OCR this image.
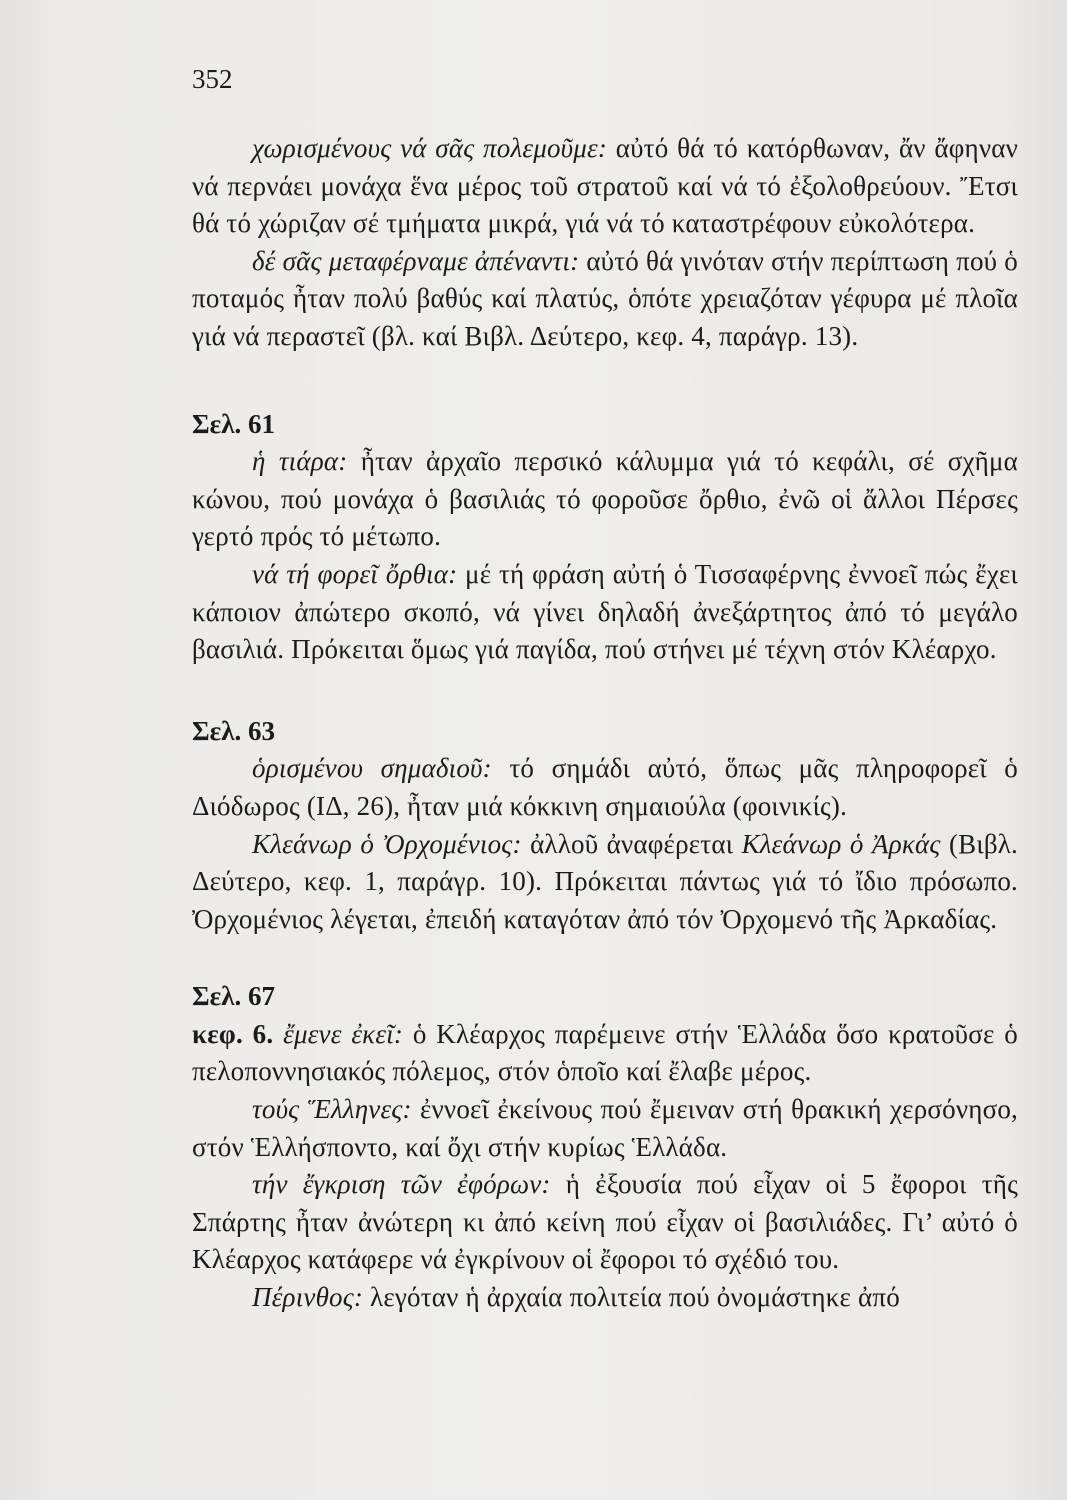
352

χωρισμένους νά σᾶς πολεμοῦμε: αὐτό θά τό κατόρθωναν, ἄν ἄφηναν νά περνάει μονάχα ἕνα μέρος τοῦ στρατοῦ καί νά τό ἐξολοθρεύουν. Ἔτσι θά τό χώριζαν σέ τμήματα μικρά, γιά νά τό καταστρέφουν εὐκολότερα.

δέ σᾶς μεταφέρναμε ἀπέναντι: αὐτό θά γινόταν στήν περίπτωση πού ὁ ποταμός ἦταν πολύ βαθύς καί πλατύς, ὁπότε χρειαζόταν γέφυρα μέ πλοῖα γιά νά περαστεῖ (βλ. καί Βιβλ. Δεύτερο, κεφ. 4, παράγρ. 13).

Σελ. 61

ἡ τιάρα: ἦταν ἀρχαῖο περσικό κάλυμμα γιά τό κεφάλι, σέ σχῆμα κώνου, πού μονάχα ὁ βασιλιάς τό φοροῦσε ὄρθιο, ἐνῶ οἱ ἄλλοι Πέρσες γερτό πρός τό μέτωπο.

νά τή φορεῖ ὄρθια: μέ τή φράση αὐτή ὁ Τισσαφέρνης ἐννοεῖ πώς ἔχει κάποιον ἀπώτερο σκοπό, νά γίνει δηλαδή ἀνεξάρτητος ἀπό τό μεγάλο βασιλιά. Πρόκειται ὅμως γιά παγίδα, πού στήνει μέ τέχνη στόν Κλέαρχο.

Σελ. 63

ὁρισμένου σημαδιοῦ: τό σημάδι αὐτό, ὅπως μᾶς πληροφορεῖ ὁ Διόδωρος (ΙΔ, 26), ἦταν μιά κόκκινη σημαιούλα (φοινικίς).

Κλεάνωρ ὁ Ὀρχομένιος: ἀλλοῦ ἀναφέρεται Κλεάνωρ ὁ Ἀρκάς (Βιβλ. Δεύτερο, κεφ. 1, παράγρ. 10). Πρόκειται πάντως γιά τό ἴδιο πρόσωπο. Ὀρχομένιος λέγεται, ἐπειδή καταγόταν ἀπό τόν Ὀρχομενό τῆς Ἀρκαδίας.

Σελ. 67

κεφ. 6. ἔμενε ἐκεῖ: ὁ Κλέαρχος παρέμεινε στήν Ἑλλάδα ὅσο κρατοῦσε ὁ πελοποννησιακός πόλεμος, στόν ὁποῖο καί ἔλαβε μέρος.

τούς Ἕλληνες: ἐννοεῖ ἐκείνους πού ἔμειναν στή θρακική χερσόνησο, στόν Ἑλλήσποντο, καί ὄχι στήν κυρίως Ἑλλάδα.

τήν ἔγκριση τῶν ἐφόρων: ἡ ἐξουσία πού εἶχαν οἱ 5 ἔφοροι τῆς Σπάρτης ἦταν ἀνώτερη κι ἀπό κείνη πού εἶχαν οἱ βασιλιάδες. Γι’ αὐτό ὁ Κλέαρχος κατάφερε νά ἐγκρίνουν οἱ ἔφοροι τό σχέδιό του.

Πέρινθος: λεγόταν ἡ ἀρχαία πολιτεία πού ὀνομάστηκε ἀπό
